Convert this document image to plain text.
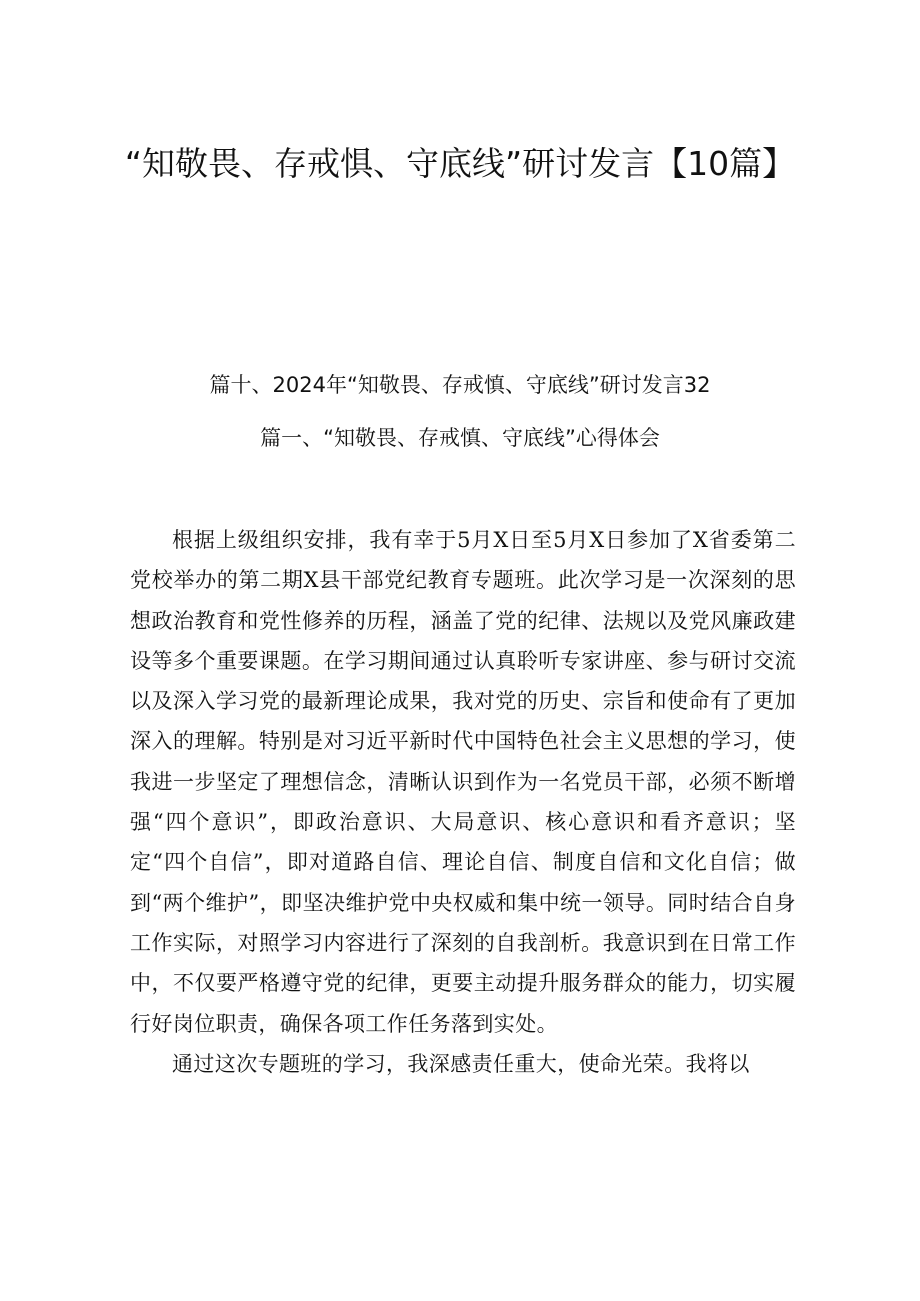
“知敬畏、存戒惧、守底线”研讨发言【10篇】

篇十、2024年“知敬畏、存戒慎、守底线”研讨发言32

篇一、“知敬畏、存戒慎、守底线”心得体会

根据上级组织安排，我有幸于5月X日至5月X日参加了X省委第二党校举办的第二期X县干部党纪教育专题班。此次学习是一次深刻的思想政治教育和党性修养的历程，涵盖了党的纪律、法规以及党风廉政建设等多个重要课题。在学习期间通过认真聆听专家讲座、参与研讨交流以及深入学习党的最新理论成果，我对党的历史、宗旨和使命有了更加深入的理解。特别是对习近平新时代中国特色社会主义思想的学习，使我进一步坚定了理想信念，清晰认识到作为一名党员干部，必须不断增强“四个意识”，即政治意识、大局意识、核心意识和看齐意识；坚定“四个自信”，即对道路自信、理论自信、制度自信和文化自信；做到“两个维护”，即坚决维护党中央权威和集中统一领导。同时结合自身工作实际，对照学习内容进行了深刻的自我剖析。我意识到在日常工作中，不仅要严格遵守党的纪律，更要主动提升服务群众的能力，切实履行好岗位职责，确保各项工作任务落到实处。

通过这次专题班的学习，我深感责任重大，使命光荣。我将以
